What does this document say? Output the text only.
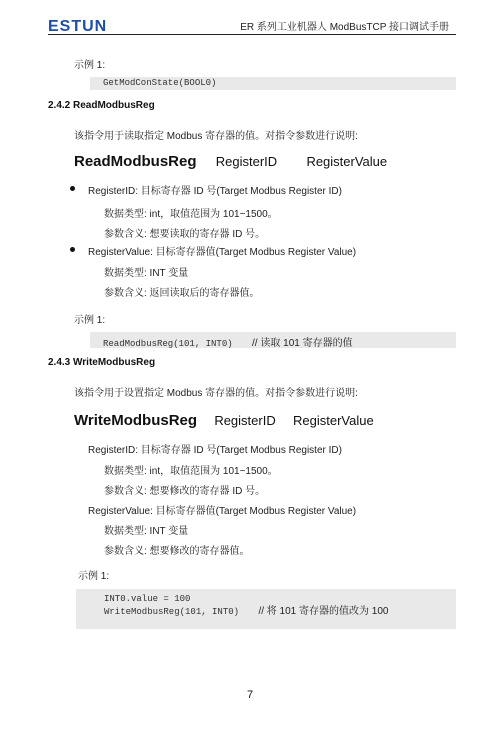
ESTUN	ER 系列工业机器人 ModBusTCP 接口调试手册
示例 1:
GetModConState(BOOL0)
2.4.2 ReadModbusReg
该指令用于读取指定 Modbus 寄存器的值。对指令参数进行说明:
ReadModbusReg RegisterID RegisterValue
RegisterID: 目标寄存器 ID 号(Target Modbus Register ID)
数据类型: int，取值范围为 101~1500。
参数含义: 想要读取的寄存器 ID 号。
RegisterValue: 目标寄存器值(Target Modbus Register Value)
数据类型: INT 变量
参数含义: 返回读取后的寄存器值。
示例 1:
ReadModbusReg(101, INT0) // 读取 101 寄存器的值
2.4.3 WriteModbusReg
该指令用于设置指定 Modbus 寄存器的值。对指令参数进行说明:
WriteModbusReg RegisterID RegisterValue
RegisterID: 目标寄存器 ID 号(Target Modbus Register ID)
数据类型: int，取值范围为 101~1500。
参数含义: 想要修改的寄存器 ID 号。
RegisterValue: 目标寄存器值(Target Modbus Register Value)
数据类型: INT 变量
参数含义: 想要修改的寄存器值。
示例 1:
INT0.value = 100
WriteModbusReg(101, INT0) // 将 101 寄存器的值改为 100
7
